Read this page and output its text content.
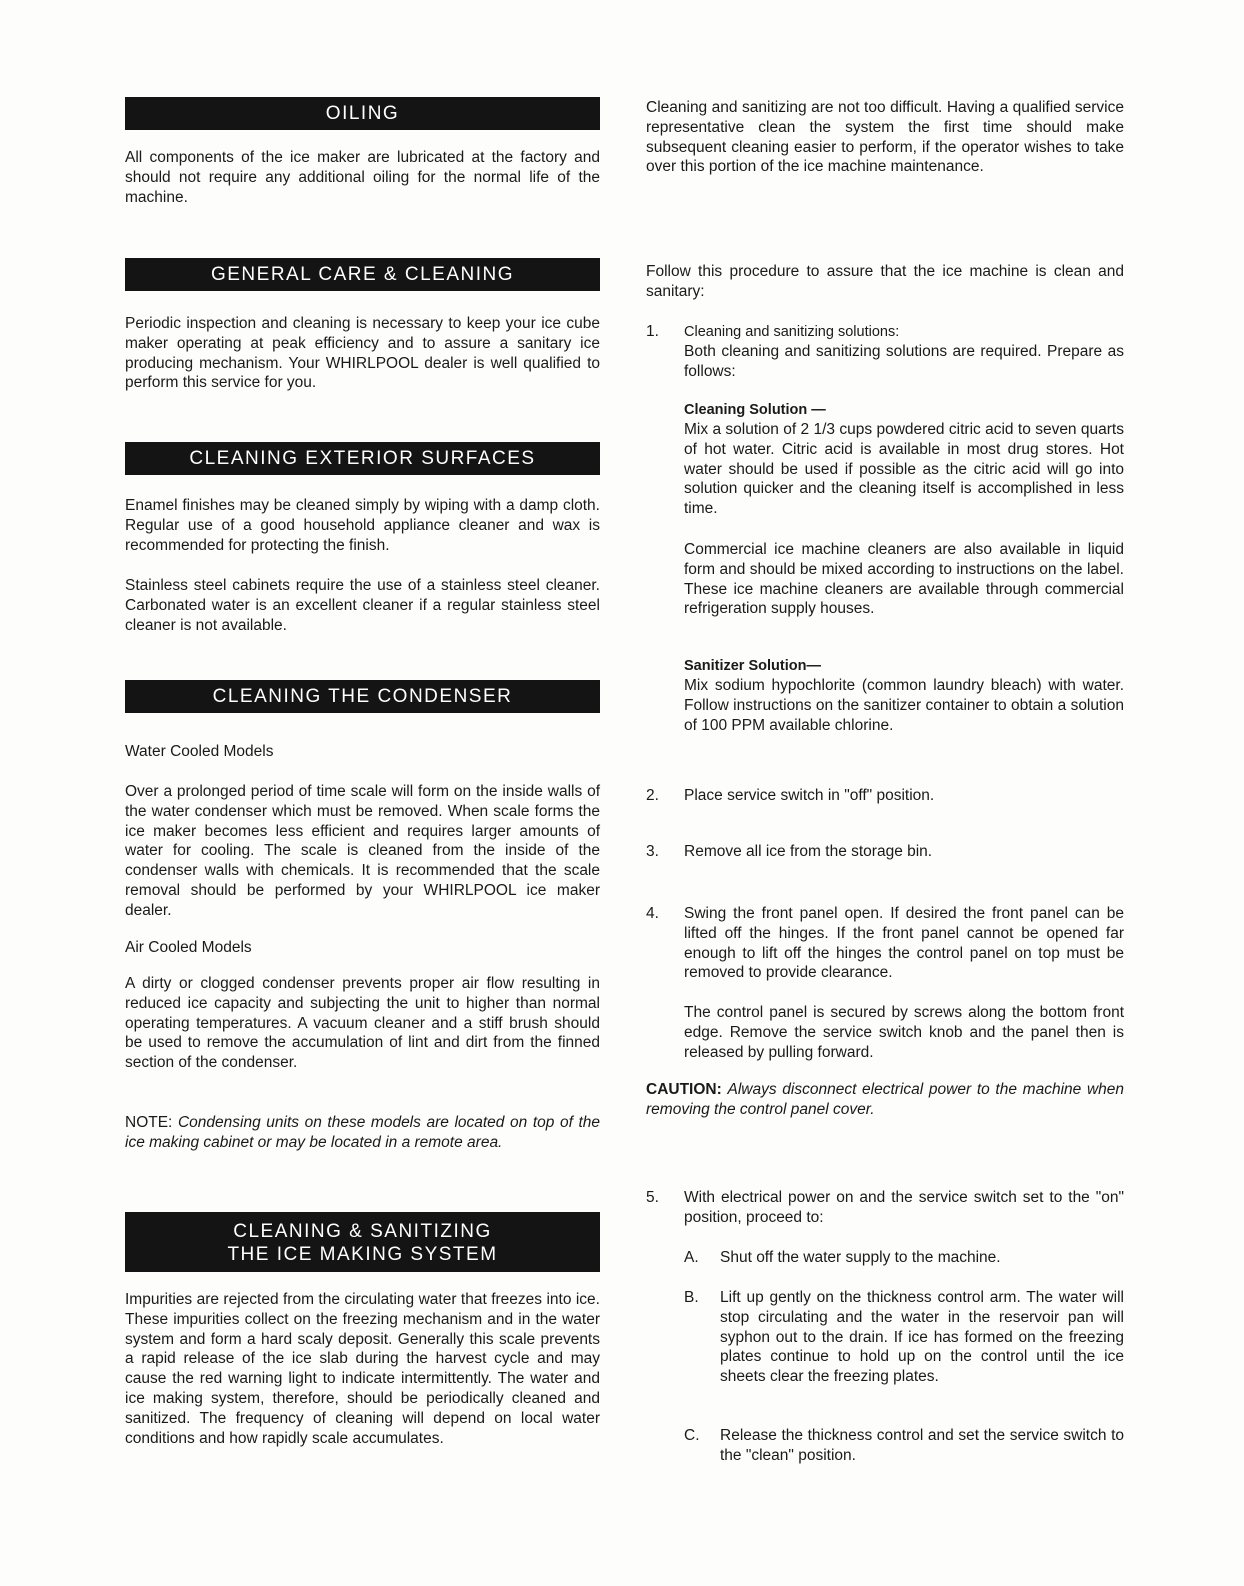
OILING

All components of the ice maker are lubricated at the factory and should not require any additional oiling for the normal life of the machine.

GENERAL CARE & CLEANING

Periodic inspection and cleaning is necessary to keep your ice cube maker operating at peak efficiency and to assure a sanitary ice producing mechanism. Your WHIRLPOOL dealer is well qualified to perform this service for you.

CLEANING EXTERIOR SURFACES

Enamel finishes may be cleaned simply by wiping with a damp cloth. Regular use of a good household appliance cleaner and wax is recommended for protecting the finish.

Stainless steel cabinets require the use of a stainless steel cleaner. Carbonated water is an excellent cleaner if a regular stainless steel cleaner is not available.

CLEANING THE CONDENSER

Water Cooled Models

Over a prolonged period of time scale will form on the inside walls of the water condenser which must be removed. When scale forms the ice maker becomes less efficient and requires larger amounts of water for cooling. The scale is cleaned from the inside of the condenser walls with chemicals. It is recommended that the scale removal should be performed by your WHIRLPOOL ice maker dealer.

Air Cooled Models

A dirty or clogged condenser prevents proper air flow resulting in reduced ice capacity and subjecting the unit to higher than normal operating temperatures. A vacuum cleaner and a stiff brush should be used to remove the accumulation of lint and dirt from the finned section of the condenser.

NOTE: Condensing units on these models are located on top of the ice making cabinet or may be located in a remote area.

CLEANING & SANITIZING
THE ICE MAKING SYSTEM

Impurities are rejected from the circulating water that freezes into ice. These impurities collect on the freezing mechanism and in the water system and form a hard scaly deposit. Generally this scale prevents a rapid release of the ice slab during the harvest cycle and may cause the red warning light to indicate intermittently. The water and ice making system, therefore, should be periodically cleaned and sanitized. The frequency of cleaning will depend on local water conditions and how rapidly scale accumulates.

Cleaning and sanitizing are not too difficult. Having a qualified service representative clean the system the first time should make subsequent cleaning easier to perform, if the operator wishes to take over this portion of the ice machine maintenance.

Follow this procedure to assure that the ice machine is clean and sanitary:

1. Cleaning and sanitizing solutions:

Both cleaning and sanitizing solutions are required. Prepare as follows:

Cleaning Solution —

Mix a solution of 2 1/3 cups powdered citric acid to seven quarts of hot water. Citric acid is available in most drug stores. Hot water should be used if possible as the citric acid will go into solution quicker and the cleaning itself is accomplished in less time.

Commercial ice machine cleaners are also available in liquid form and should be mixed according to instructions on the label. These ice machine cleaners are available through commercial refrigeration supply houses.

Sanitizer Solution—

Mix sodium hypochlorite (common laundry bleach) with water. Follow instructions on the sanitizer container to obtain a solution of 100 PPM available chlorine.

2. Place service switch in "off" position.

3. Remove all ice from the storage bin.

4. Swing the front panel open. If desired the front panel can be lifted off the hinges. If the front panel cannot be opened far enough to lift off the hinges the control panel on top must be removed to provide clearance.

The control panel is secured by screws along the bottom front edge. Remove the service switch knob and the panel then is released by pulling forward.

CAUTION: Always disconnect electrical power to the machine when removing the control panel cover.

5. With electrical power on and the service switch set to the "on" position, proceed to:

A. Shut off the water supply to the machine.

B. Lift up gently on the thickness control arm. The water will stop circulating and the water in the reservoir pan will syphon out to the drain. If ice has formed on the freezing plates continue to hold up on the control until the ice sheets clear the freezing plates.

C. Release the thickness control and set the service switch to the "clean" position.
